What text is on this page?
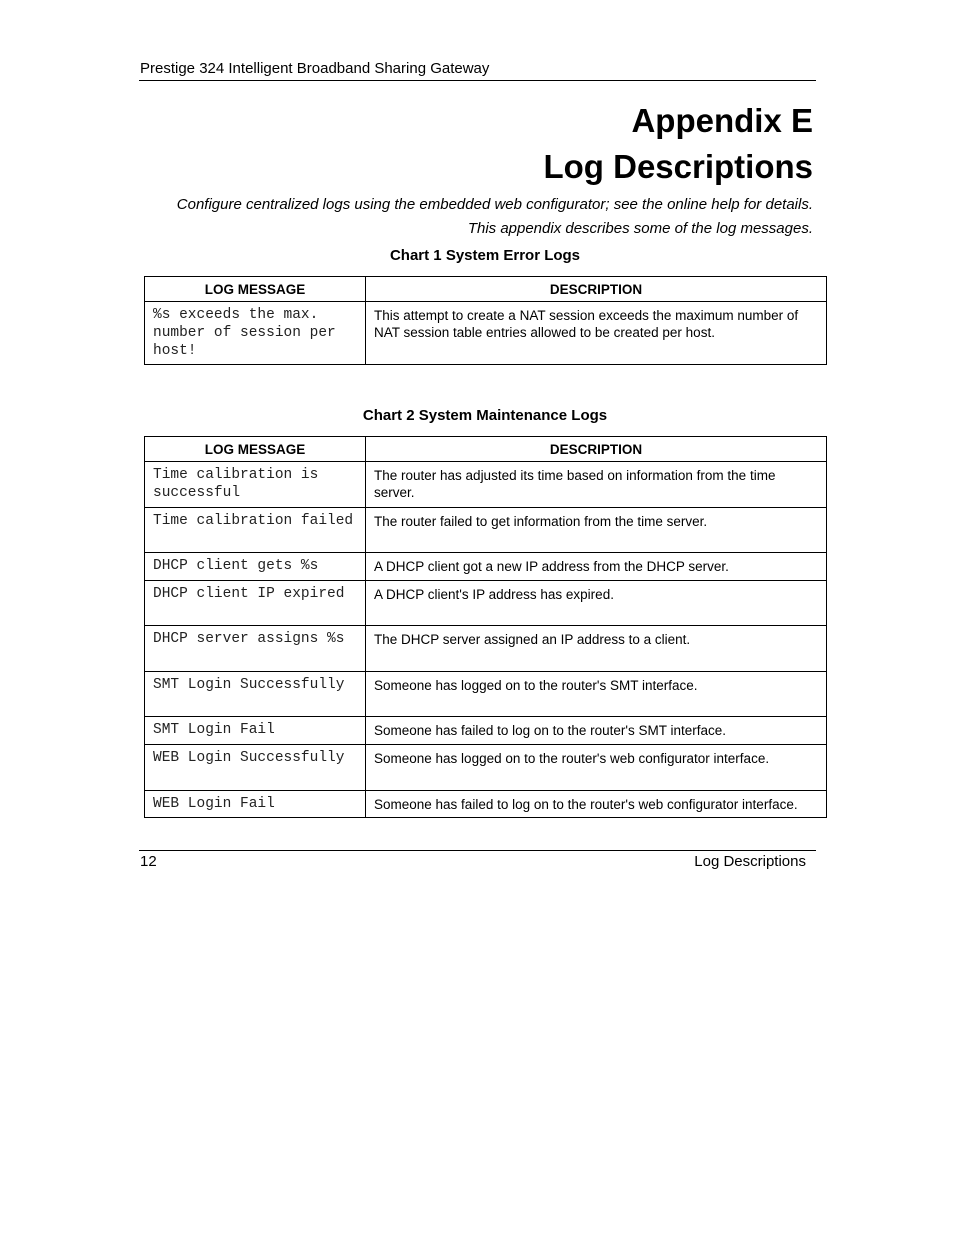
Prestige 324 Intelligent Broadband Sharing Gateway
Appendix E
Log Descriptions

Configure centralized logs using the embedded web configurator; see the online help for details.
This appendix describes some of the log messages.

Chart 1 System Error Logs
LOG MESSAGE	DESCRIPTION
%s exceeds the max. number of session per host!	This attempt to create a NAT session exceeds the maximum number of NAT session table entries allowed to be created per host.
Chart 2 System Maintenance Logs
LOG MESSAGE	DESCRIPTION
Time calibration is successful	The router has adjusted its time based on information from the time server.
Time calibration failed	The router failed to get information from the time server.
DHCP client gets %s	A DHCP client got a new IP address from the DHCP server.
DHCP client IP expired	A DHCP client's IP address has expired.
DHCP server assigns %s	The DHCP server assigned an IP address to a client.
SMT Login Successfully	Someone has logged on to the router's SMT interface.
SMT Login Fail	Someone has failed to log on to the router's SMT interface.
WEB Login Successfully	Someone has logged on to the router's web configurator interface.
WEB Login Fail	Someone has failed to log on to the router's web configurator interface.
12	Log Descriptions
